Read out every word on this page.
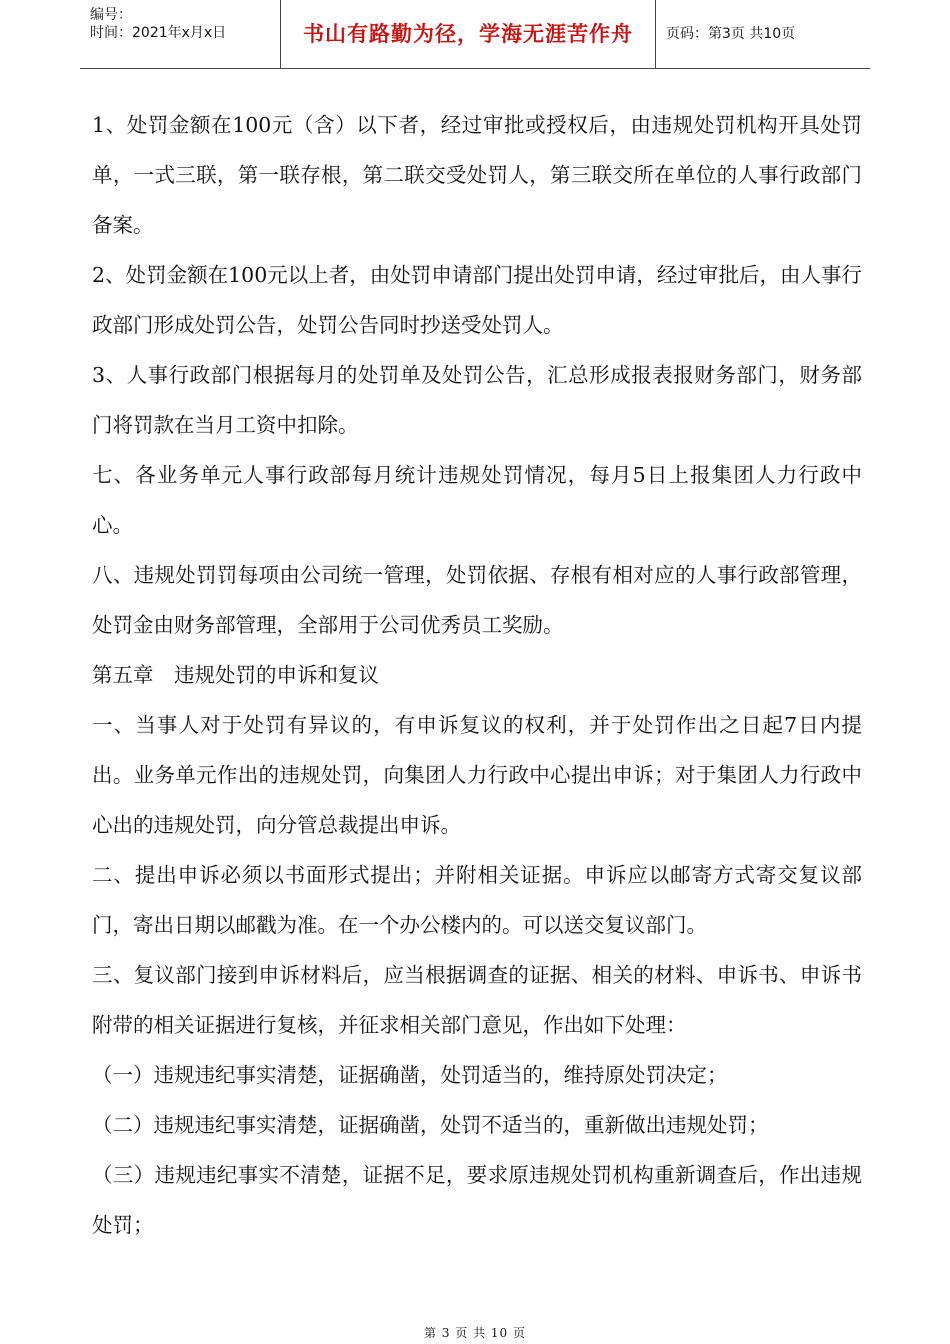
编号：
时间：2021年x月x日	书山有路勤为径，学海无涯苦作舟	页码：第3页 共10页

1、处罚金额在100元（含）以下者，经过审批或授权后，由违规处罚机构开具处罚单，一式三联，第一联存根，第二联交受处罚人，第三联交所在单位的人事行政部门备案。

2、处罚金额在100元以上者，由处罚申请部门提出处罚申请，经过审批后，由人事行政部门形成处罚公告，处罚公告同时抄送受处罚人。

3、人事行政部门根据每月的处罚单及处罚公告，汇总形成报表报财务部门，财务部门将罚款在当月工资中扣除。

七、各业务单元人事行政部每月统计违规处罚情况，每月5日上报集团人力行政中心。

八、违规处罚罚每项由公司统一管理，处罚依据、存根有相对应的人事行政部管理，处罚金由财务部管理，全部用于公司优秀员工奖励。

第五章　违规处罚的申诉和复议

一、当事人对于处罚有异议的，有申诉复议的权利，并于处罚作出之日起7日内提出。业务单元作出的违规处罚，向集团人力行政中心提出申诉；对于集团人力行政中心出的违规处罚，向分管总裁提出申诉。

二、提出申诉必须以书面形式提出；并附相关证据。申诉应以邮寄方式寄交复议部门，寄出日期以邮戳为准。在一个办公楼内的。可以送交复议部门。

三、复议部门接到申诉材料后，应当根据调查的证据、相关的材料、申诉书、申诉书附带的相关证据进行复核，并征求相关部门意见，作出如下处理：

（一）违规违纪事实清楚，证据确凿，处罚适当的，维持原处罚决定；

（二）违规违纪事实清楚，证据确凿，处罚不适当的，重新做出违规处罚；

（三）违规违纪事实不清楚，证据不足，要求原违规处罚机构重新调查后，作出违规处罚；

第 3 页 共 10 页
